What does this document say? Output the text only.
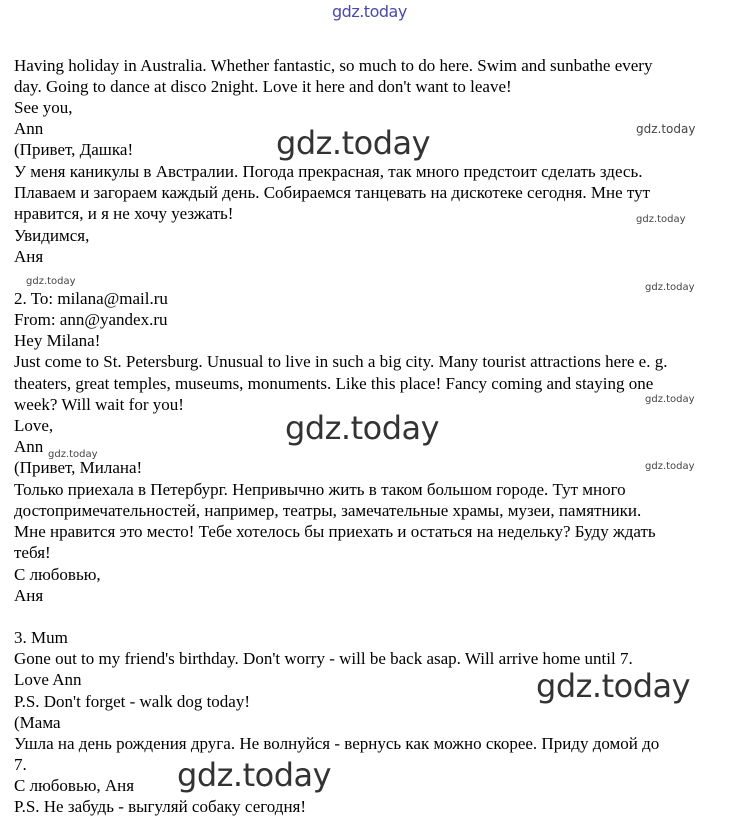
gdz.today
Having holiday in Australia. Whether fantastic, so much to do here. Swim and sunbathe every
day. Going to dance at disco 2night. Love it here and don't want to leave!
See you,
Ann
(Привет, Дашка!
У меня каникулы в Австралии. Погода прекрасная, так много предстоит сделать здесь.
Плаваем и загораем каждый день. Собираемся танцевать на дискотеке сегодня. Мне тут
нравится, и я не хочу уезжать!
Увидимся,
Аня
2. To: milana@mail.ru
From: ann@yandex.ru
Hey Milana!
Just come to St. Petersburg. Unusual to live in such a big city. Many tourist attractions here e. g.
theaters, great temples, museums, monuments. Like this place! Fancy coming and staying one
week? Will wait for you!
Love,
Ann
(Привет, Милана!
Только приехала в Петербург. Непривычно жить в таком большом городе. Тут много
достопримечательностей, например, театры, замечательные храмы, музеи, памятники.
Мне нравится это место! Тебе хотелось бы приехать и остаться на недельку? Буду ждать
тебя!
С любовью,
Аня
3. Mum
Gone out to my friend's birthday. Don't worry - will be back asap. Will arrive home until 7.
Love Ann
P.S. Don't forget - walk dog today!
(Мама
Ушла на день рождения друга. Не волнуйся - вернусь как можно скорее. Приду домой до
7.
С любовью, Аня
P.S. Не забудь - выгуляй собаку сегодня!
gdz.today
gdz.today
gdz.today
gdz.today
gdz.today
gdz.today
gdz.today
gdz.today
gdz.today
gdz.today
gdz.today
